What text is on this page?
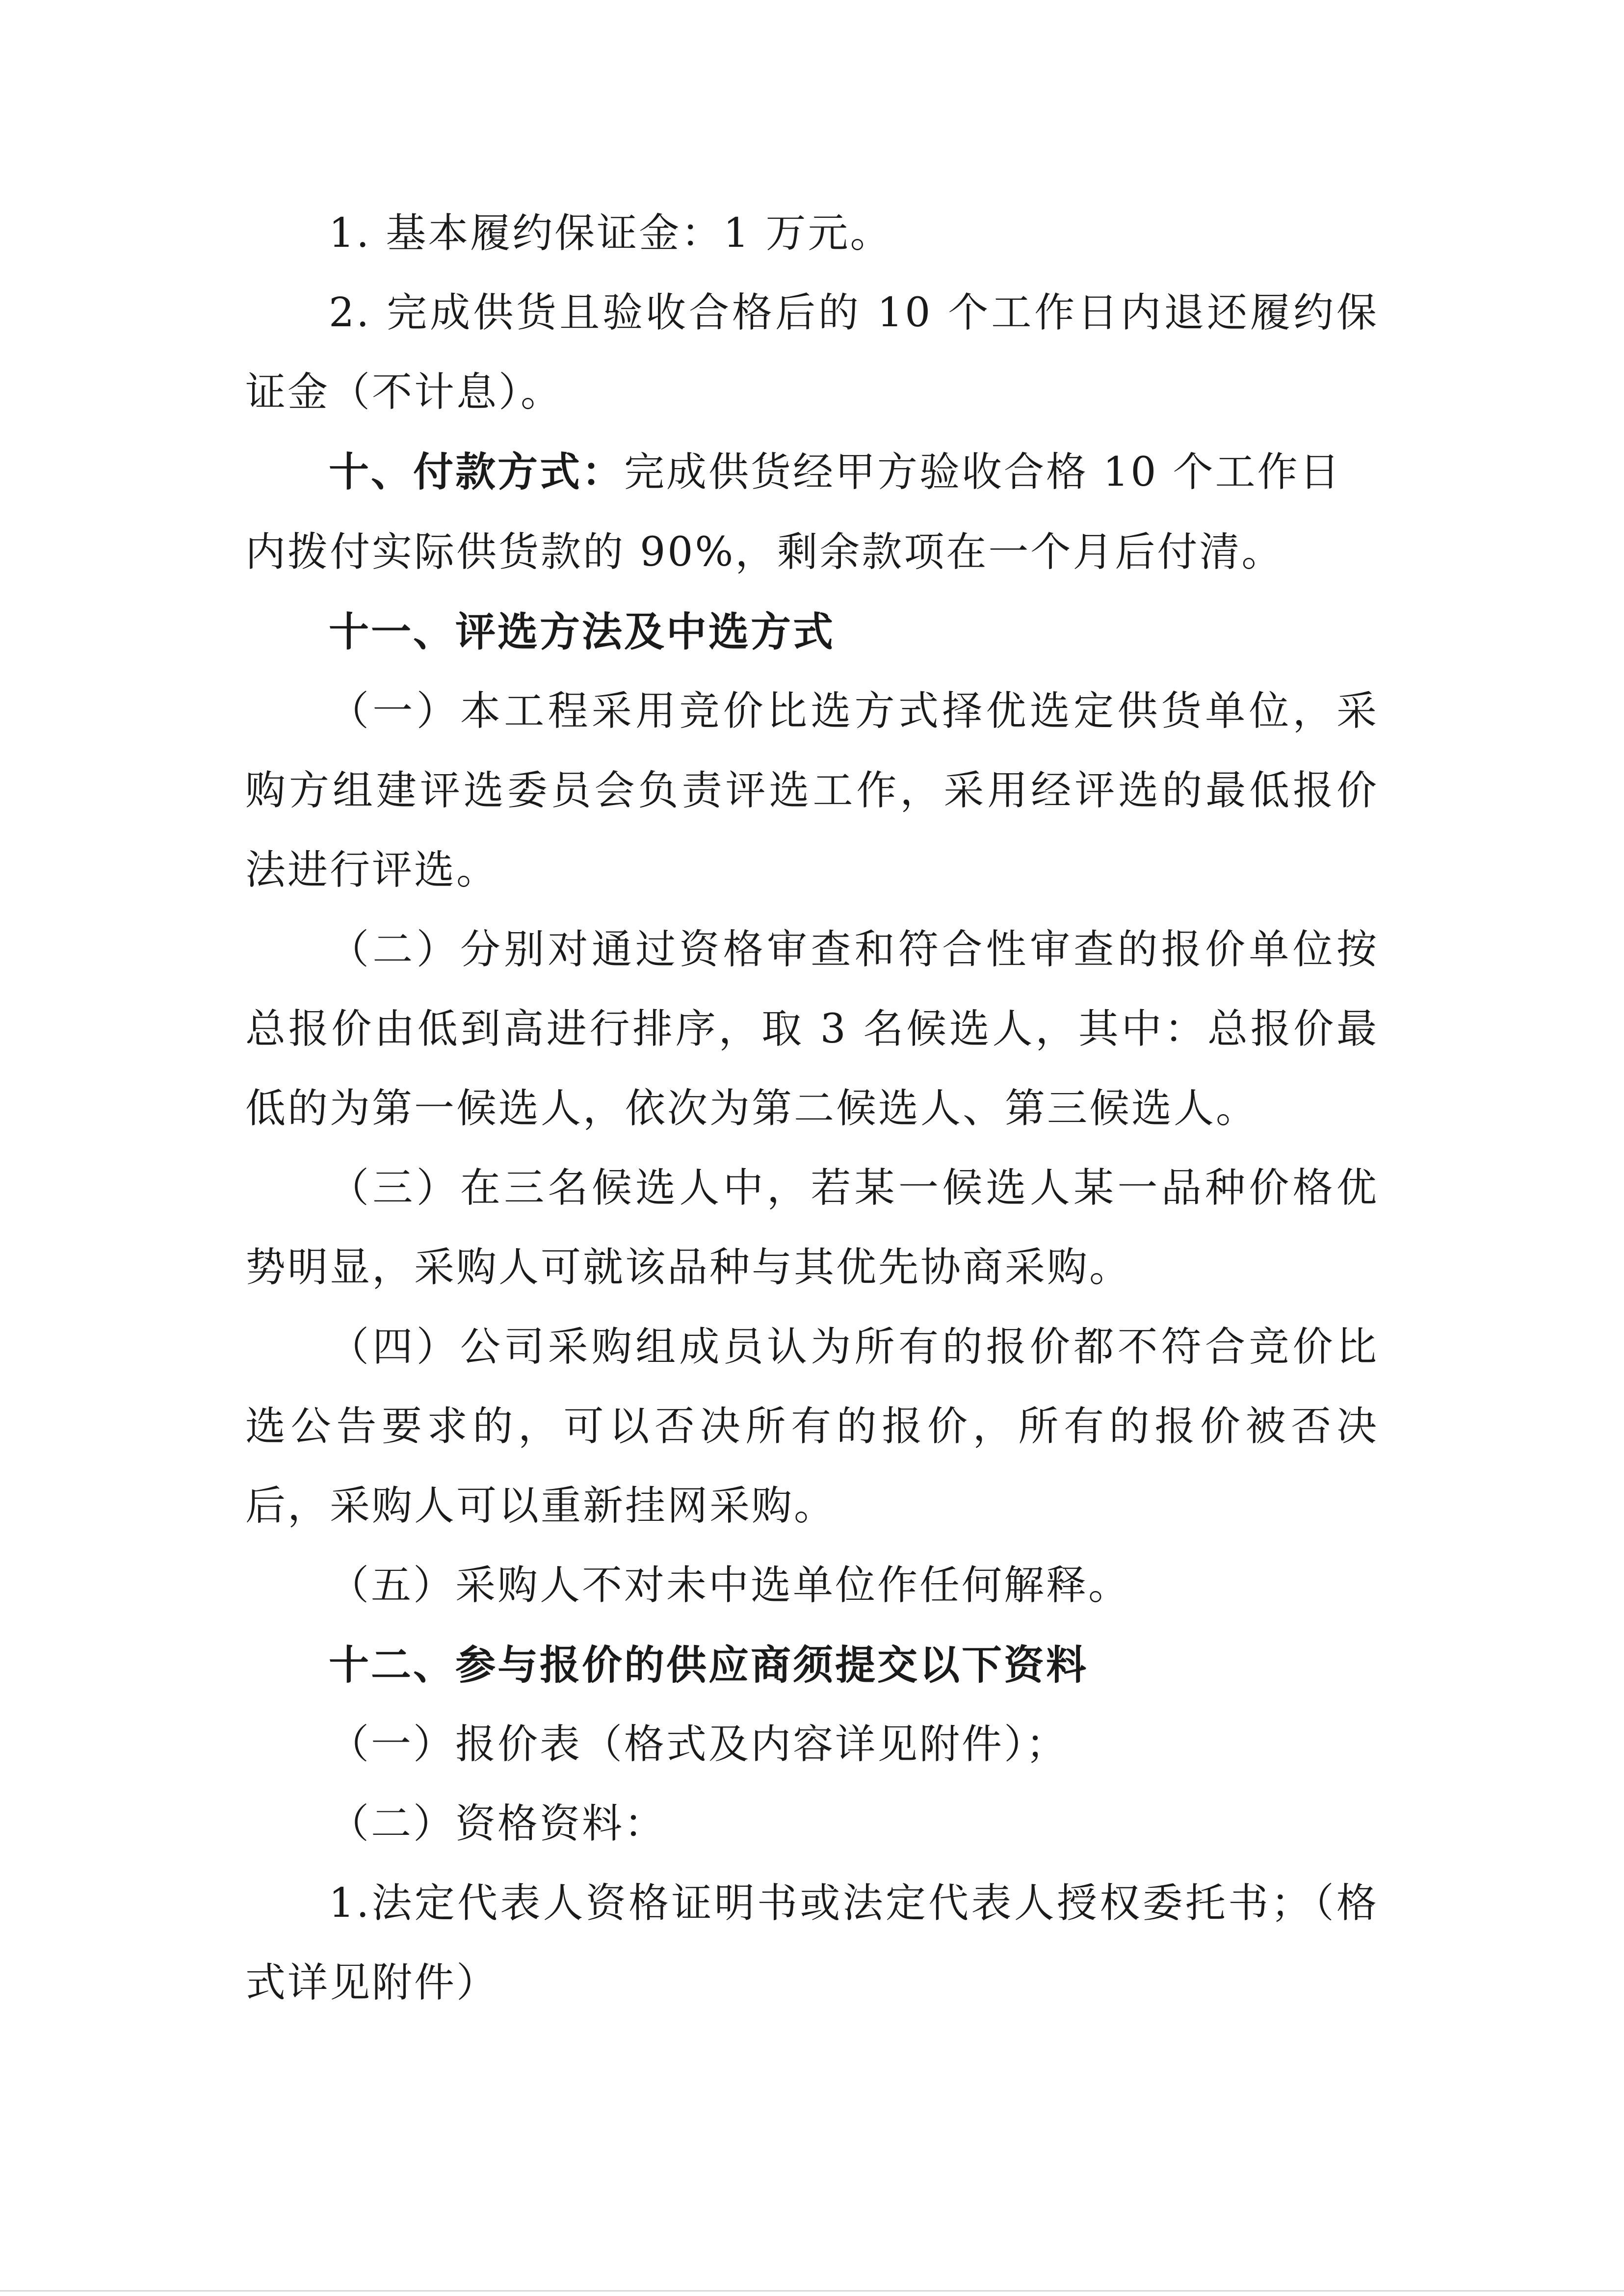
1. 基本履约保证金：1 万元。

2. 完成供货且验收合格后的 10 个工作日内退还履约保证金（不计息）。

十、付款方式：完成供货经甲方验收合格 10 个工作日内拨付实际供货款的 90%，剩余款项在一个月后付清。

十一、评选方法及中选方式

（一）本工程采用竞价比选方式择优选定供货单位，采购方组建评选委员会负责评选工作，采用经评选的最低报价法进行评选。

（二）分别对通过资格审查和符合性审查的报价单位按总报价由低到高进行排序，取 3 名候选人，其中：总报价最低的为第一候选人，依次为第二候选人、第三候选人。

（三）在三名候选人中，若某一候选人某一品种价格优势明显，采购人可就该品种与其优先协商采购。

（四）公司采购组成员认为所有的报价都不符合竞价比选公告要求的，可以否决所有的报价，所有的报价被否决后，采购人可以重新挂网采购。

（五）采购人不对未中选单位作任何解释。

十二、参与报价的供应商须提交以下资料

（一）报价表（格式及内容详见附件）；

（二）资格资料：

1.法定代表人资格证明书或法定代表人授权委托书；（格式详见附件）
